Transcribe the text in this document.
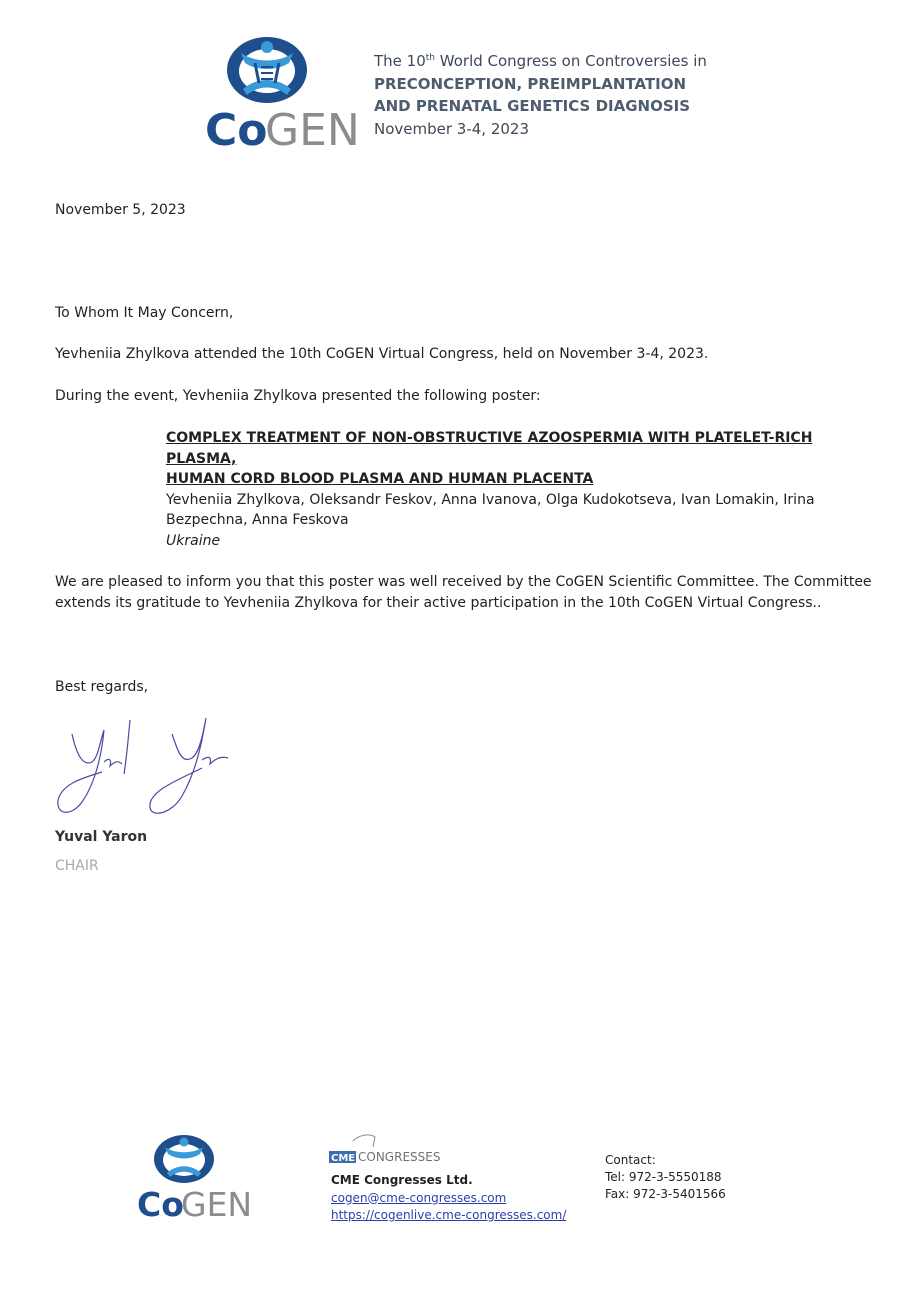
Co
GEN
The 10th World Congress on Controversies in
PRECONCEPTION, PREIMPLANTATION
AND PRENATAL GENETICS DIAGNOSIS
November 3-4, 2023
November 5, 2023
To Whom It May Concern,
Yevheniia Zhylkova attended the 10th CoGEN Virtual Congress, held on November 3-4, 2023.
During the event, Yevheniia Zhylkova presented the following poster:
COMPLEX TREATMENT OF NON-OBSTRUCTIVE AZOOSPERMIA WITH PLATELET-RICH PLASMA,
HUMAN CORD BLOOD PLASMA AND HUMAN PLACENTA
Yevheniia Zhylkova, Oleksandr Feskov, Anna Ivanova, Olga Kudokotseva, Ivan Lomakin, Irina
Bezpechna, Anna Feskova
Ukraine
We are pleased to inform you that this poster was well received by the CoGEN Scientific Committee. The Committee
extends its gratitude to Yevheniia Zhylkova for their active participation in the 10th CoGEN Virtual Congress..
Best regards,
Yuval Yaron
CHAIR
Co
GEN
CME CONGRESSES
CME Congresses Ltd.
cogen@cme-congresses.com
https://cogenlive.cme-congresses.com/
Contact:
Tel: 972-3-5550188
Fax: 972-3-5401566
